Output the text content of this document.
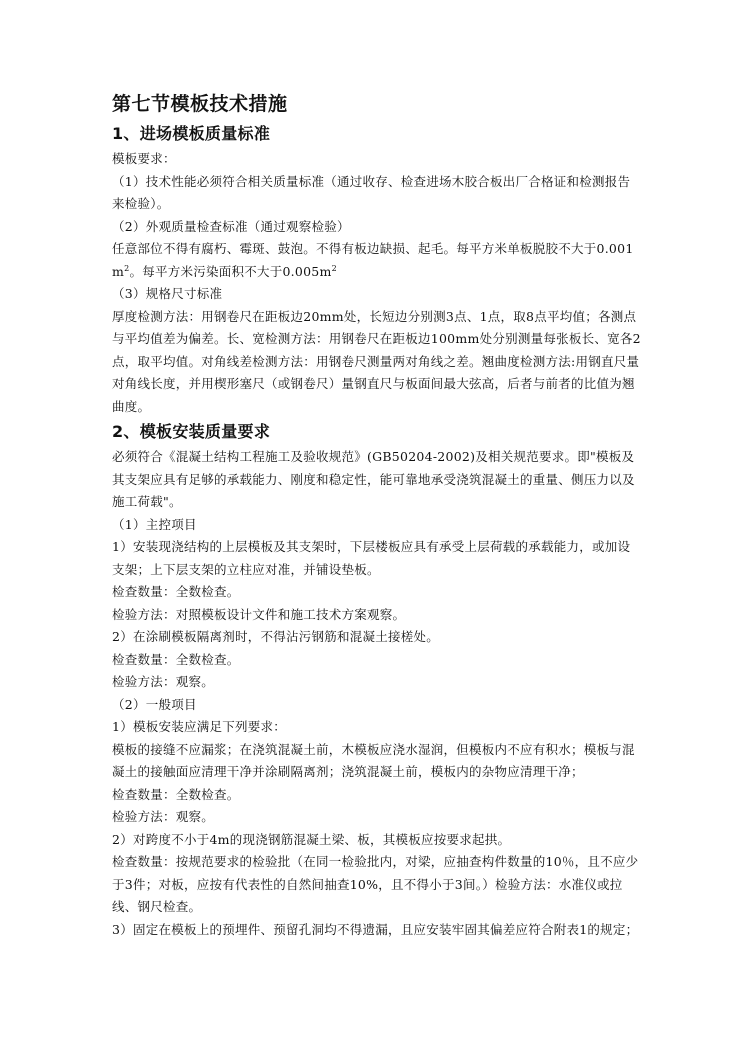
第七节模板技术措施
1、进场模板质量标准

模板要求：

（1）技术性能必须符合相关质量标准（通过收存、检查进场木胶合板出厂合格证和检测报告来检验）。

（2）外观质量检查标准（通过观察检验）

任意部位不得有腐朽、霉斑、鼓泡。不得有板边缺损、起毛。每平方米单板脱胶不大于$0.001m^2$。每平方米污染面积不大于$0.005m^2$

（3）规格尺寸标准

厚度检测方法：用钢卷尺在距板边20mm处，长短边分别测3点、1点，取8点平均值；各测点与平均值差为偏差。长、宽检测方法：用钢卷尺在距板边100mm处分别测量每张板长、宽各2点，取平均值。对角线差检测方法：用钢卷尺测量两对角线之差。翘曲度检测方法:用钢直尺量对角线长度，并用楔形塞尺（或钢卷尺）量钢直尺与板面间最大弦高，后者与前者的比值为翘曲度。

2、模板安装质量要求

必须符合《混凝土结构工程施工及验收规范》(GB50204-2002)及相关规范要求。即"模板及其支架应具有足够的承载能力、刚度和稳定性，能可靠地承受浇筑混凝土的重量、侧压力以及施工荷载"。

（1）主控项目

1）安装现浇结构的上层模板及其支架时，下层楼板应具有承受上层荷载的承载能力，或加设支架；上下层支架的立柱应对准，并铺设垫板。

检查数量：全数检查。

检验方法：对照模板设计文件和施工技术方案观察。

2）在涂刷模板隔离剂时，不得沾污钢筋和混凝土接槎处。

检查数量：全数检查。

检验方法：观察。

（2）一般项目

1）模板安装应满足下列要求：

模板的接缝不应漏浆；在浇筑混凝土前，木模板应浇水湿润，但模板内不应有积水；模板与混凝土的接触面应清理干净并涂刷隔离剂；浇筑混凝土前，模板内的杂物应清理干净；

检查数量：全数检查。

检验方法：观察。

2）对跨度不小于4m的现浇钢筋混凝土梁、板，其模板应按要求起拱。

检查数量：按规范要求的检验批（在同一检验批内，对梁，应抽查构件数量的10％，且不应少于3件；对板，应按有代表性的自然间抽查10%，且不得小于3间。）检验方法：水准仪或拉线、钢尺检查。

3）固定在模板上的预埋件、预留孔洞均不得遗漏，且应安装牢固其偏差应符合附表1的规定；
